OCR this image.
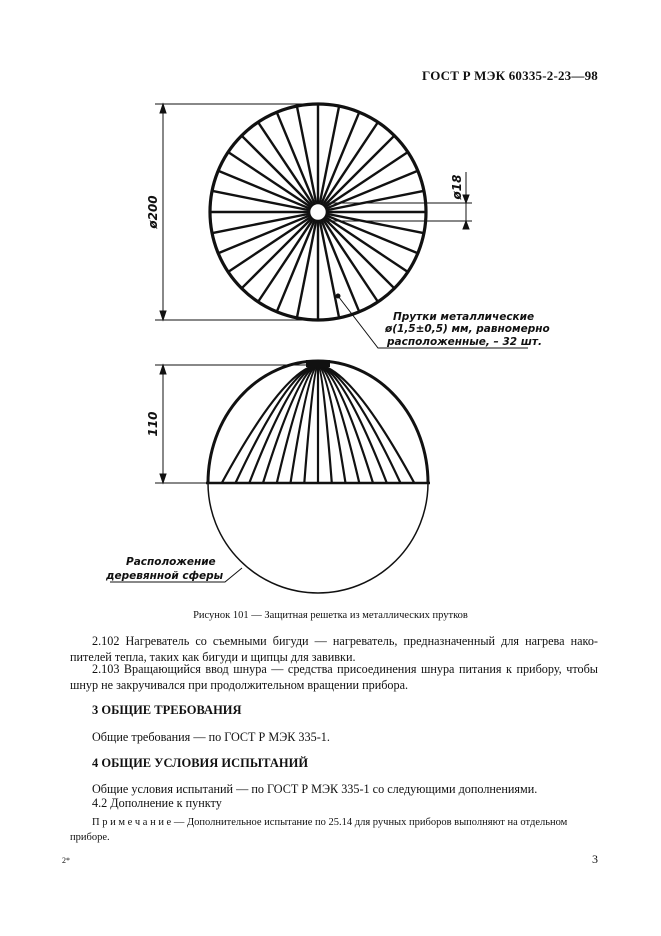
ГОСТ Р МЭК 60335-2-23—98
ø200
ø18
110
Прутки металлические
ø(1,5±0,5) мм, равномерно
расположенные, – 32 шт.
Расположение
деревянной сферы
Рисунок 101 — Защитная решетка из металлических прутков

2.102 Нагреватель со съемными бигуди — нагреватель, предназначенный для нагрева нако-

пителей тепла, таких как бигуди и щипцы для завивки.

2.103 Вращающийся ввод шнура — средства присоединения шнура питания к прибору, чтобы

шнур не закручивался при продолжительном вращении прибора.

3 ОБЩИЕ ТРЕБОВАНИЯ
Общие требования — по ГОСТ Р МЭК 335-1.
4 ОБЩИЕ УСЛОВИЯ ИСПЫТАНИЙ
Общие условия испытаний — по ГОСТ Р МЭК 335-1 со следующими дополнениями.
4.2 Дополнение к пункту
П р и м е ч а н и е — Дополнительное испытание по 25.14 для ручных приборов выполняют на отдельном
приборе.
2*	3
